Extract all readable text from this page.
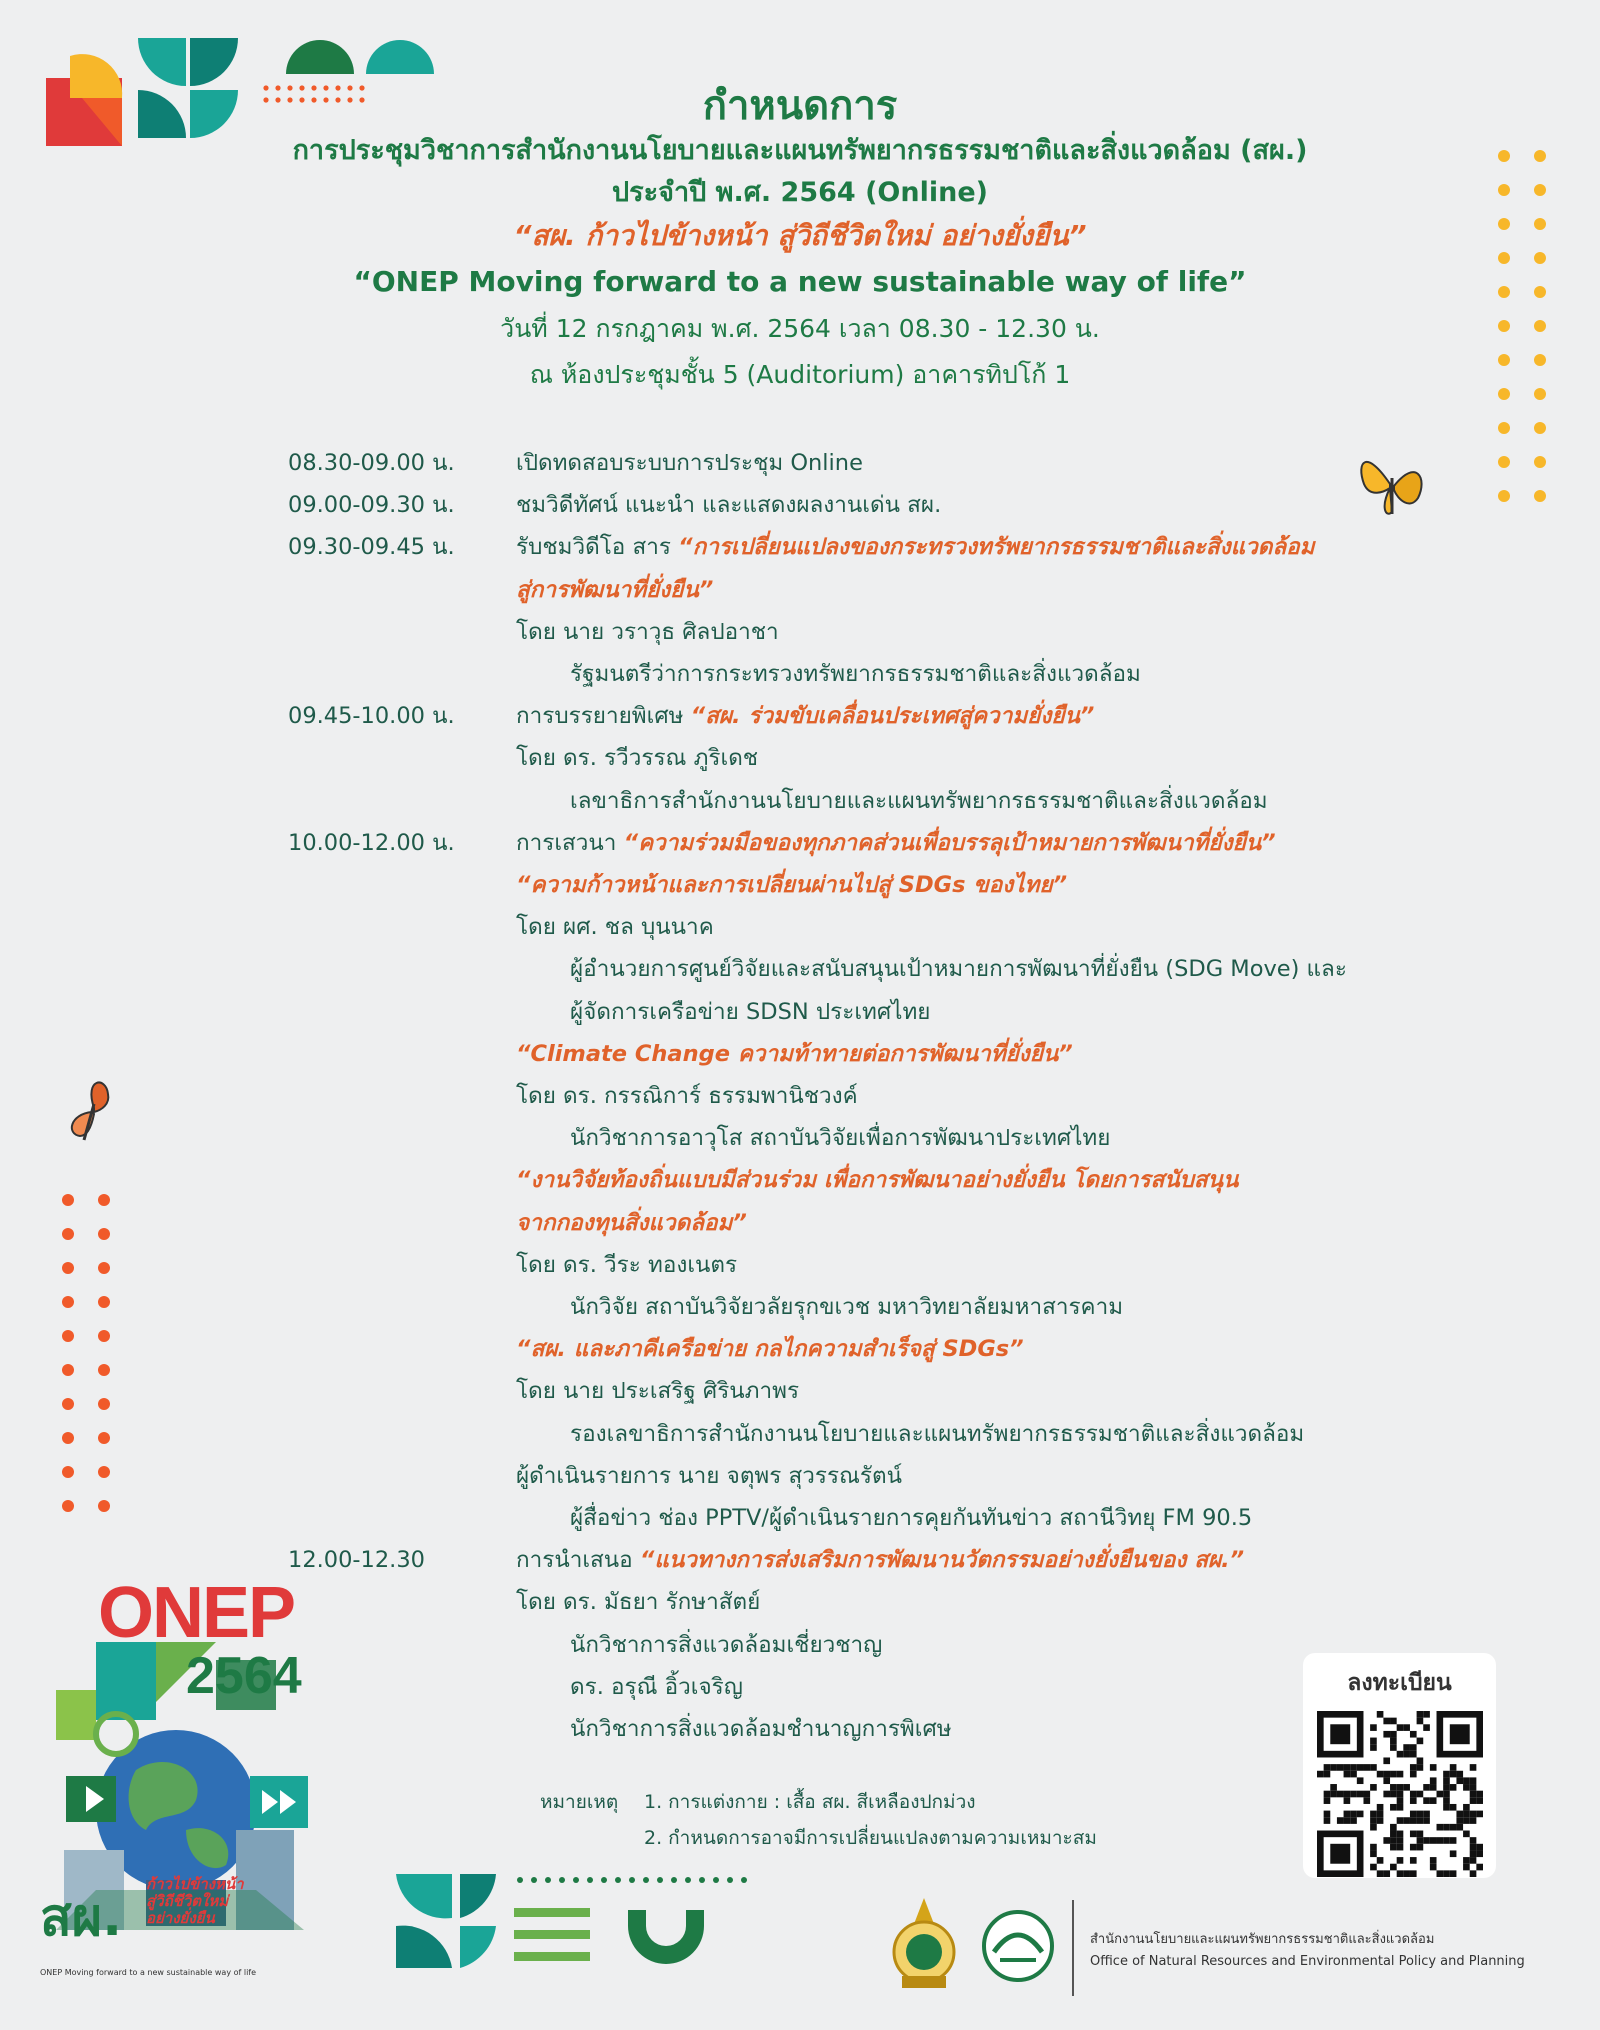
กำหนดการ
การประชุมวิชาการสำนักงานนโยบายและแผนทรัพยากรธรรมชาติและสิ่งแวดล้อม (สผ.)
ประจำปี พ.ศ. 2564 (Online)
“สผ. ก้าวไปข้างหน้า สู่วิถีชีวิตใหม่ อย่างยั่งยืน”
“ONEP Moving forward to a new sustainable way of life”
วันที่ 12 กรกฎาคม พ.ศ. 2564 เวลา 08.30 - 12.30 น.
ณ ห้องประชุมชั้น 5 (Auditorium) อาคารทิปโก้ 1
08.30-09.00 น.	เปิดทดสอบระบบการประชุม Online
09.00-09.30 น.	ชมวิดีทัศน์ แนะนำ และแสดงผลงานเด่น สผ.
09.30-09.45 น.	รับชมวิดีโอ สาร “การเปลี่ยนแปลงของกระทรวงทรัพยากรธรรมชาติและสิ่งแวดล้อม
สู่การพัฒนาที่ยั่งยืน”
โดย นาย วราวุธ ศิลปอาชา
รัฐมนตรีว่าการกระทรวงทรัพยากรธรรมชาติและสิ่งแวดล้อม
09.45-10.00 น.	การบรรยายพิเศษ “สผ. ร่วมขับเคลื่อนประเทศสู่ความยั่งยืน”
โดย ดร. รวีวรรณ ภูริเดช
เลขาธิการสำนักงานนโยบายและแผนทรัพยากรธรรมชาติและสิ่งแวดล้อม
10.00-12.00 น.	การเสวนา “ความร่วมมือของทุกภาคส่วนเพื่อบรรลุเป้าหมายการพัฒนาที่ยั่งยืน”
“ความก้าวหน้าและการเปลี่ยนผ่านไปสู่ SDGs ของไทย”
โดย ผศ. ชล บุนนาค
ผู้อำนวยการศูนย์วิจัยและสนับสนุนเป้าหมายการพัฒนาที่ยั่งยืน (SDG Move) และ
ผู้จัดการเครือข่าย SDSN ประเทศไทย
“Climate Change ความท้าทายต่อการพัฒนาที่ยั่งยืน”
โดย ดร. กรรณิการ์ ธรรมพานิชวงค์
นักวิชาการอาวุโส สถาบันวิจัยเพื่อการพัฒนาประเทศไทย
“งานวิจัยท้องถิ่นแบบมีส่วนร่วม เพื่อการพัฒนาอย่างยั่งยืน โดยการสนับสนุน
จากกองทุนสิ่งแวดล้อม”
โดย ดร. วีระ ทองเนตร
นักวิจัย สถาบันวิจัยวลัยรุกขเวช มหาวิทยาลัยมหาสารคาม
“สผ. และภาคีเครือข่าย กลไกความสำเร็จสู่ SDGs”
โดย นาย ประเสริฐ ศิรินภาพร
รองเลขาธิการสำนักงานนโยบายและแผนทรัพยากรธรรมชาติและสิ่งแวดล้อม
ผู้ดำเนินรายการ นาย จตุพร สุวรรณรัตน์
ผู้สื่อข่าว ช่อง PPTV/ผู้ดำเนินรายการคุยกันทันข่าว สถานีวิทยุ FM 90.5
12.00-12.30	การนำเสนอ “แนวทางการส่งเสริมการพัฒนานวัตกรรมอย่างยั่งยืนของ สผ.”
โดย ดร. มัธยา รักษาสัตย์
นักวิชาการสิ่งแวดล้อมเชี่ยวชาญ
ดร. อรุณี อิ้วเจริญ
นักวิชาการสิ่งแวดล้อมชำนาญการพิเศษ
หมายเหตุ 1. การแต่งกาย : เสื้อ สผ. สีเหลืองปกม่วง
2. กำหนดการอาจมีการเปลี่ยนแปลงตามความเหมาะสม
ลงทะเบียน
ONEP
2564
สผ.
ก้าวไปข้างหน้า
สู่วิถีชีวิตใหม่
อย่างยั่งยืน
ONEP Moving forward to a new sustainable way of life
สำนักงานนโยบายและแผนทรัพยากรธรรมชาติและสิ่งแวดล้อม
Office of Natural Resources and Environmental Policy and Planning
